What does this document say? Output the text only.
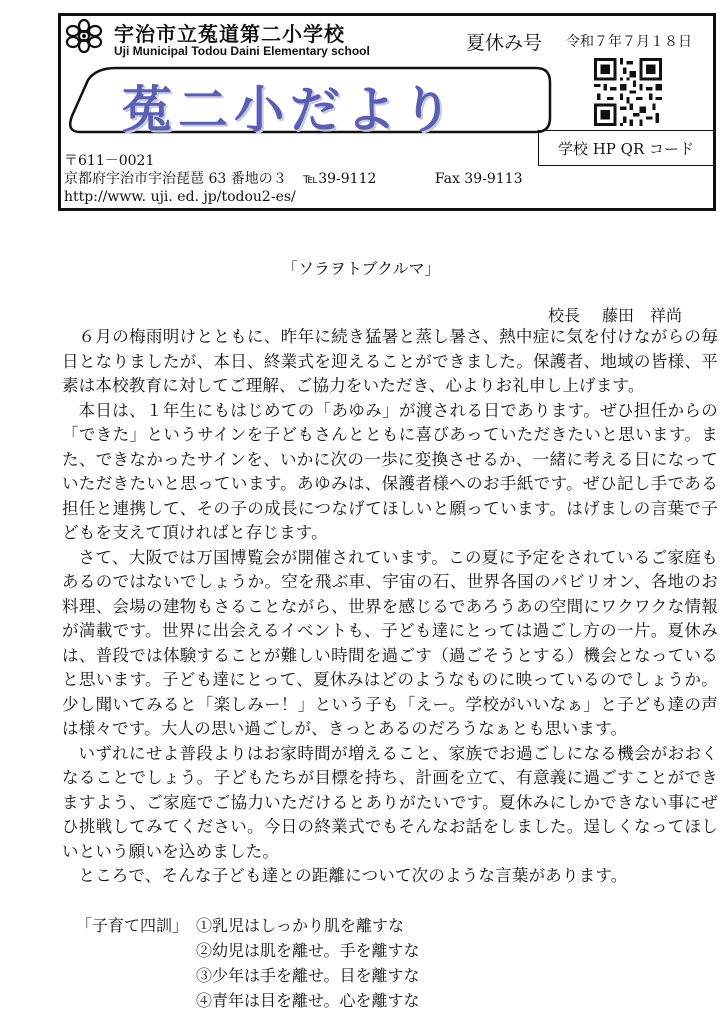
宇治市立菟道第二小学校
Uji Municipal Todou Daini Elementary school	夏休み号 令和７年７月１８日
菟二小だより
学校 HP QR コード
〒611－0021
京都府宇治市宇治琵琶 63 番地の３ ℡39-9112	Fax 39-9113
http://www. uji. ed. jp/todou2-es/
「ソラヲトブクルマ」
校長 藤田　祥尚

６月の梅雨明けとともに、昨年に続き猛暑と蒸し暑さ、熱中症に気を付けながらの毎日となりましたが、本日、終業式を迎えることができました。保護者、地域の皆様、平素は本校教育に対してご理解、ご協力をいただき、心よりお礼申し上げます。

本日は、１年生にもはじめての「あゆみ」が渡される日であります。ぜひ担任からの「できた」というサインを子どもさんとともに喜びあっていただきたいと思います。また、できなかったサインを、いかに次の一歩に変換させるか、一緒に考える日になっていただきたいと思っています。あゆみは、保護者様へのお手紙です。ぜひ記し手である担任と連携して、その子の成長につなげてほしいと願っています。はげましの言葉で子どもを支えて頂ければと存じます。

さて、大阪では万国博覧会が開催されています。この夏に予定をされているご家庭もあるのではないでしょうか。空を飛ぶ車、宇宙の石、世界各国のパビリオン、各地のお料理、会場の建物もさることながら、世界を感じるであろうあの空間にワクワクな情報が満載です。世界に出会えるイベントも、子ども達にとっては過ごし方の一片。夏休みは、普段では体験することが難しい時間を過ごす（過ごそうとする）機会となっていると思います。子ども達にとって、夏休みはどのようなものに映っているのでしょうか。少し聞いてみると「楽しみー！」という子も「えー。学校がいいなぁ」と子ども達の声は様々です。大人の思い過ごしが、きっとあるのだろうなぁとも思います。

いずれにせよ普段よりはお家時間が増えること、家族でお過ごしになる機会がおおくなることでしょう。子どもたちが目標を持ち、計画を立て、有意義に過ごすことができますよう、ご家庭でご協力いただけるとありがたいです。夏休みにしかできない事にぜひ挑戦してみてください。今日の終業式でもそんなお話をしました。逞しくなってほしいという願いを込めました。

ところで、そんな子ども達との距離について次のような言葉があります。

「子育て四訓」 ①乳児はしっかり肌を離すな
②幼児は肌を離せ。手を離すな
③少年は手を離せ。目を離すな
④青年は目を離せ。心を離すな
